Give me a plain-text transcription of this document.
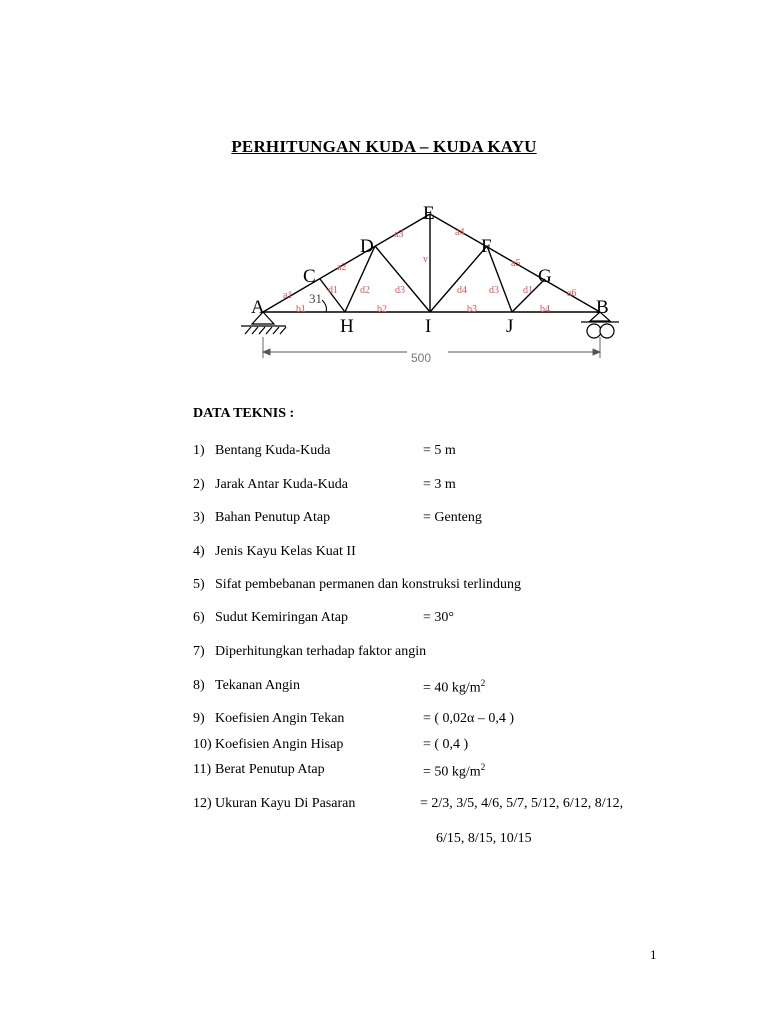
PERHITUNGAN KUDA – KUDA KAYU
500
A	B
C
D
E
F
G
H	I	J
a1
a2
a3	a4
a5
a6
b1	b2	b3	b4
d1 d2	d3	d4 d3 d1
v
31
DATA TEKNIS :
1) Bentang Kuda-Kuda	= 5 m
2) Jarak Antar Kuda-Kuda	= 3 m
3) Bahan Penutup Atap	= Genteng
4) Jenis Kayu Kelas Kuat II
5) Sifat pembebanan permanen dan konstruksi terlindung
6) Sudut Kemiringan Atap	= 30°
7) Diperhitungkan terhadap faktor angin
8) Tekanan Angin	= 40 $kg/m^2$
9) Koefisien Angin Tekan	= ( 0,02α – 0,4 )
10) Koefisien Angin Hisap	= ( 0,4 )
11) Berat Penutup Atap	= 50 $kg/m^2$
12) Ukuran Kayu Di Pasaran	= 2/3, 3/5, 4/6, 5/7, 5/12, 6/12, 8/12,
6/15, 8/15, 10/15
1
